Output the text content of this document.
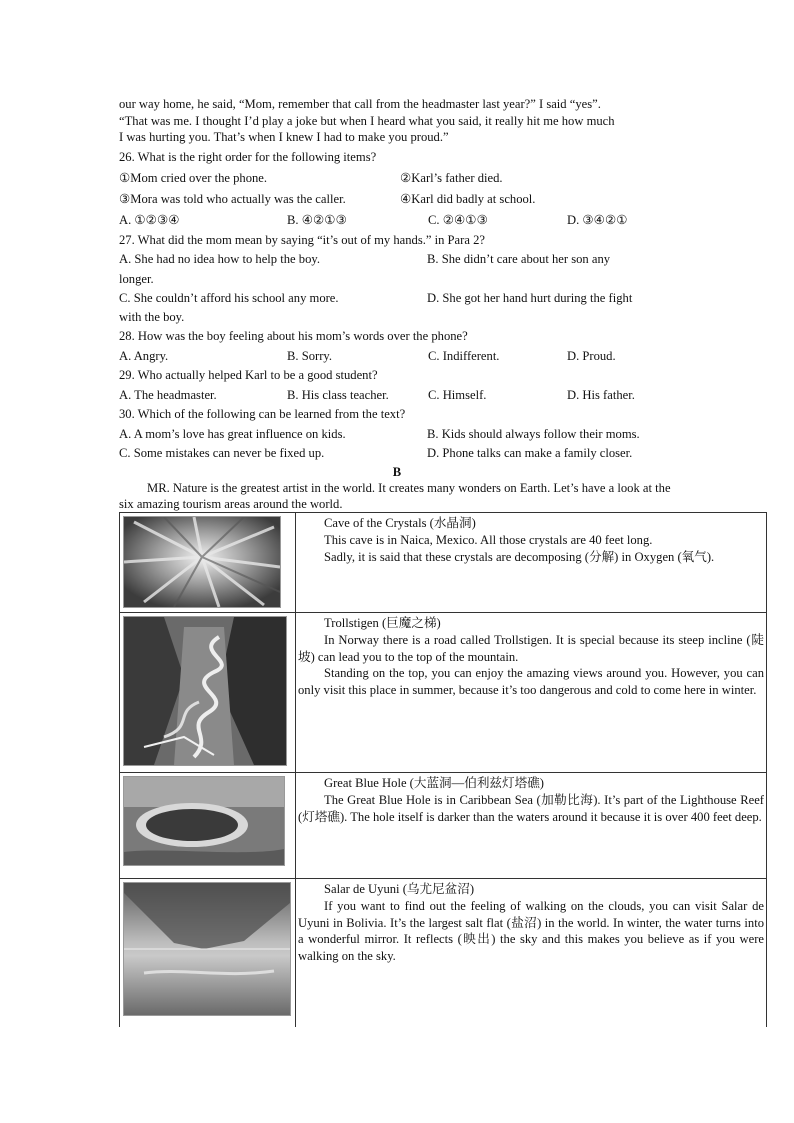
our way home, he said, “Mom, remember that call from the headmaster last year?” I said “yes”.
“That was me. I thought I’d play a joke but when I heard what you said, it really hit me how much
I was hurting you. That’s when I knew I had to make you proud.”
26. What is the right order for the following items?
①Mom cried over the phone.	②Karl’s father died.
③Mora was told who actually was the caller.	④Karl did badly at school.
A. ①②③④	B. ④②①③	C. ②④①③	D. ③④②①
27. What did the mom mean by saying “it’s out of my hands.” in Para 2?
A. She had no idea how to help the boy.	B. She didn’t care about her son any
longer.
C. She couldn’t afford his school any more.	D. She got her hand hurt during the fight
with the boy.
28. How was the boy feeling about his mom’s words over the phone?
A. Angry.	B. Sorry.	C. Indifferent.	D. Proud.
29. Who actually helped Karl to be a good student?
A. The headmaster.	B. His class teacher.	C. Himself.	D. His father.
30. Which of the following can be learned from the text?
A. A mom’s love has great influence on kids.	B. Kids should always follow their moms.
C. Some mistakes can never be fixed up.	D. Phone talks can make a family closer.
B
MR. Nature is the greatest artist in the world. It creates many wonders on Earth. Let’s have a look at the six amazing tourism areas around the world.

Cave of the Crystals (水晶洞)
This cave is in Naica, Mexico. All those crystals are 40 feet long.
Sadly, it is said that these crystals are decomposing (分解) in Oxygen (氧气).

Trollstigen (巨魔之梯)
In Norway there is a road called Trollstigen. It is special because its steep incline (陡坡) can lead you to the top of the mountain.
Standing on the top, you can enjoy the amazing views around you. However, you can only visit this place in summer, because it’s too dangerous and cold to come here in winter.

Great Blue Hole (大蓝洞—伯利兹灯塔礁)
The Great Blue Hole is in Caribbean Sea (加勒比海). It’s part of the Lighthouse Reef (灯塔礁). The hole itself is darker than the waters around it because it is over 400 feet deep.

Salar de Uyuni (乌尤尼盆沼)
If you want to find out the feeling of walking on the clouds, you can visit Salar de Uyuni in Bolivia. It’s the largest salt flat (盐沼) in the world. In winter, the water turns into a wonderful mirror. It reflects (映出) the sky and this makes you believe as if you were walking on the sky.
